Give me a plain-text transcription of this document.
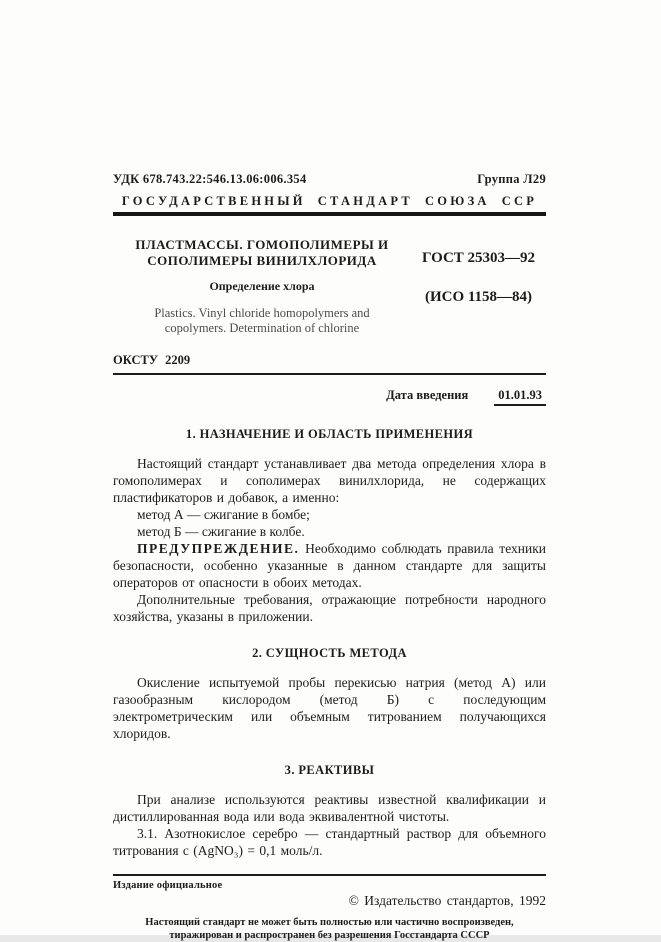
УДК 678.743.22:546.13.06:006.354	Группа Л29
ГОСУДАРСТВЕННЫЙ СТАНДАРТ СОЮЗА ССР
ПЛАСТМАССЫ. ГОМОПОЛИМЕРЫ И
СОПОЛИМЕРЫ ВИНИЛХЛОРИДА
Определение хлора
Plastics. Vinyl chloride homopolymers and
copolymers. Determination of chlorine
ГОСТ 25303—92
(ИСО 1158—84)
ОКСТУ 2209
Дата введения	01.01.93
1. НАЗНАЧЕНИЕ И ОБЛАСТЬ ПРИМЕНЕНИЯ
Настоящий стандарт устанавливает два метода определения хлора в гомополимерах и сополимерах винилхлорида, не содержащих пластификаторов и добавок, а именно:
метод А — сжигание в бомбе;
метод Б — сжигание в колбе.
ПРЕДУПРЕЖДЕНИЕ. Необходимо соблюдать правила техники безопасности, особенно указанные в данном стандарте для защиты операторов от опасности в обоих методах.
Дополнительные требования, отражающие потребности народного хозяйства, указаны в приложении.
2. СУЩНОСТЬ МЕТОДА
Окисление испытуемой пробы перекисью натрия (метод А) или газообразным кислородом (метод Б) с последующим электрометрическим или объемным титрованием получающихся хлоридов.
3. РЕАКТИВЫ
При анализе используются реактивы известной квалификации и дистиллированная вода или вода эквивалентной чистоты.
3.1. Азотнокислое серебро — стандартный раствор для объемного титрования с (AgNO₃) = 0,1 моль/л.
Издание официальное
© Издательство стандартов, 1992
Настоящий стандарт не может быть полностью или частично воспроизведен,
тиражирован и распространен без разрешения Госстандарта СССР
